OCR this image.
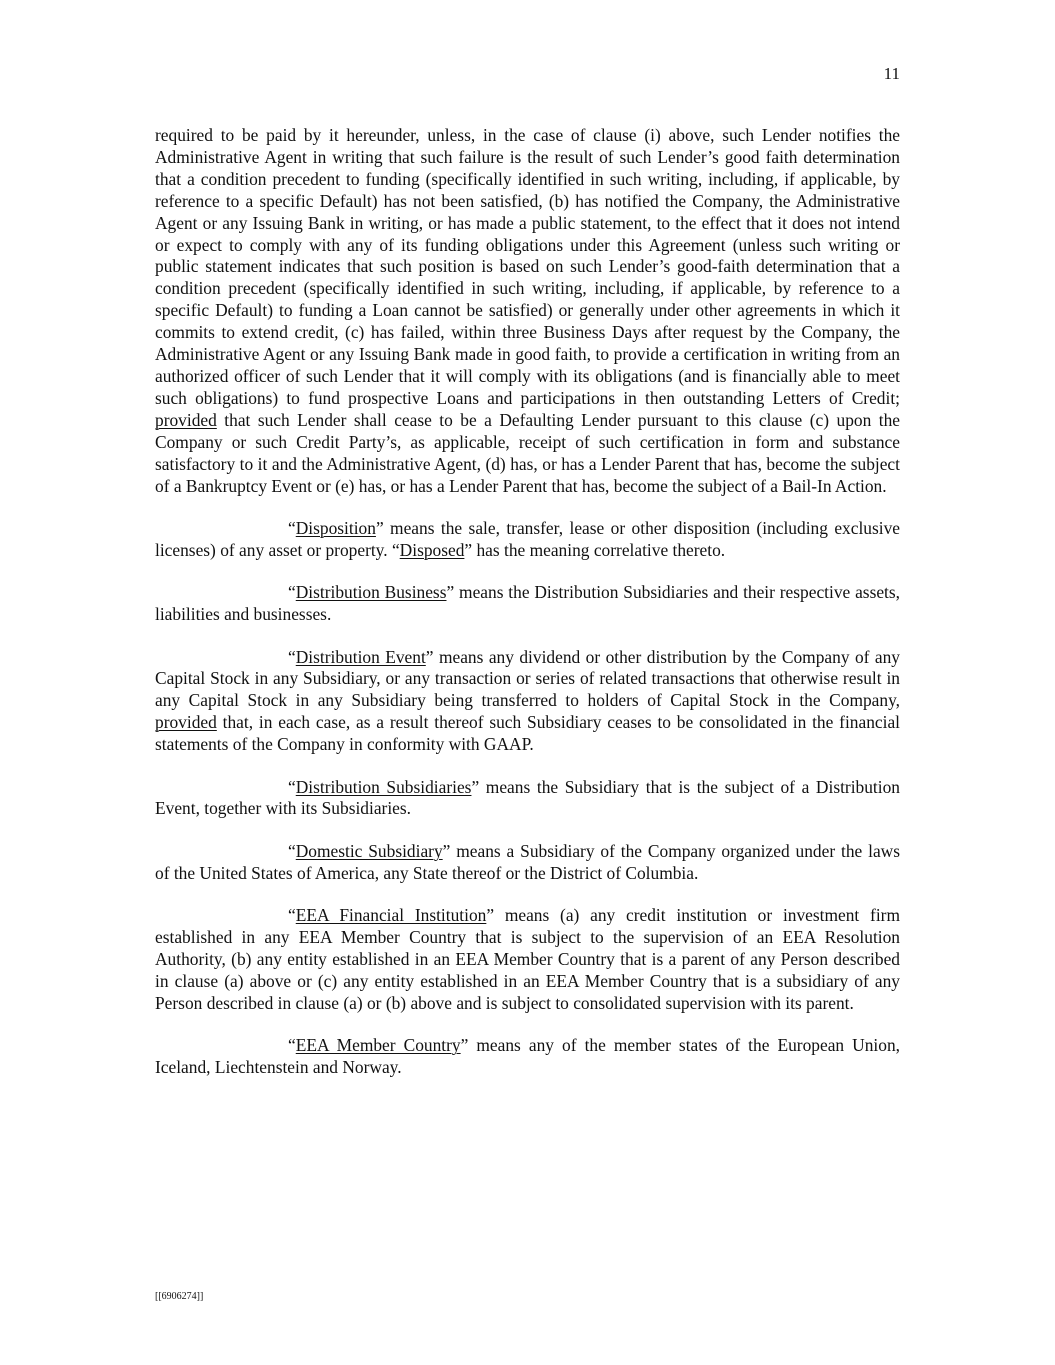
11

required to be paid by it hereunder, unless, in the case of clause (i) above, such Lender notifies the Administrative Agent in writing that such failure is the result of such Lender’s good faith determination that a condition precedent to funding (specifically identified in such writing, including, if applicable, by reference to a specific Default) has not been satisfied, (b) has notified the Company, the Administrative Agent or any Issuing Bank in writing, or has made a public statement, to the effect that it does not intend or expect to comply with any of its funding obligations under this Agreement (unless such writing or public statement indicates that such position is based on such Lender’s good-faith determination that a condition precedent (specifically identified in such writing, including, if applicable, by reference to a specific Default) to funding a Loan cannot be satisfied) or generally under other agreements in which it commits to extend credit, (c) has failed, within three Business Days after request by the Company, the Administrative Agent or any Issuing Bank made in good faith, to provide a certification in writing from an authorized officer of such Lender that it will comply with its obligations (and is financially able to meet such obligations) to fund prospective Loans and participations in then outstanding Letters of Credit; provided that such Lender shall cease to be a Defaulting Lender pursuant to this clause (c) upon the Company or such Credit Party’s, as applicable, receipt of such certification in form and substance satisfactory to it and the Administrative Agent, (d) has, or has a Lender Parent that has, become the subject of a Bankruptcy Event or (e) has, or has a Lender Parent that has, become the subject of a Bail-In Action.

“Disposition” means the sale, transfer, lease or other disposition (including exclusive licenses) of any asset or property. “Disposed” has the meaning correlative thereto.

“Distribution Business” means the Distribution Subsidiaries and their respective assets, liabilities and businesses.

“Distribution Event” means any dividend or other distribution by the Company of any Capital Stock in any Subsidiary, or any transaction or series of related transactions that otherwise result in any Capital Stock in any Subsidiary being transferred to holders of Capital Stock in the Company, provided that, in each case, as a result thereof such Subsidiary ceases to be consolidated in the financial statements of the Company in conformity with GAAP.

“Distribution Subsidiaries” means the Subsidiary that is the subject of a Distribution Event, together with its Subsidiaries.

“Domestic Subsidiary” means a Subsidiary of the Company organized under the laws of the United States of America, any State thereof or the District of Columbia.

“EEA Financial Institution” means (a) any credit institution or investment firm established in any EEA Member Country that is subject to the supervision of an EEA Resolution Authority, (b) any entity established in an EEA Member Country that is a parent of any Person described in clause (a) above or (c) any entity established in an EEA Member Country that is a subsidiary of any Person described in clause (a) or (b) above and is subject to consolidated supervision with its parent.

“EEA Member Country” means any of the member states of the European Union, Iceland, Liechtenstein and Norway.

[[6906274]]
